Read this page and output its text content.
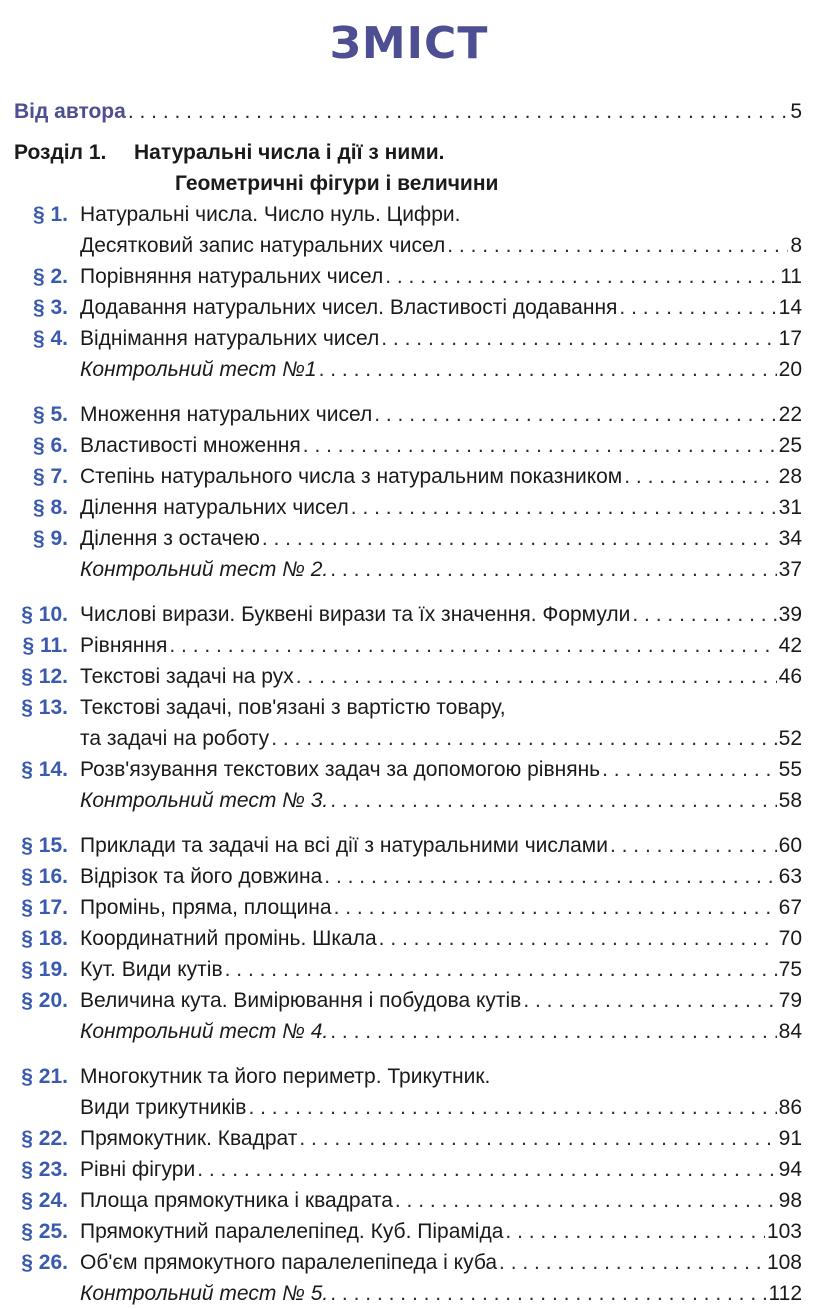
ЗМІСТ
Від автора . . .	5
Розділ 1. Натуральні числа і дії з ними.
Геометричні фігури і величини
§ 1. Натуральні числа. Число нуль. Цифри.
Десятковий запис натуральних чисел . . .	8
§ 2. Порівняння натуральних чисел . . .	11
§ 3. Додавання натуральних чисел. Властивості додавання . . .	14
§ 4. Віднімання натуральних чисел . . .	17
Контрольний тест №1 . . .	20
§ 5. Множення натуральних чисел . . .	22
§ 6. Властивості множення . . .	25
§ 7. Степінь натурального числа з натуральним показником . . .	28
§ 8. Ділення натуральних чисел . . .	31
§ 9. Ділення з остачею . . .	34
Контрольний тест № 2. . . .	37
§ 10. Числові вирази. Буквені вирази та їх значення. Формули . . .	39
§ 11. Рівняння . . .	42
§ 12. Текстові задачі на рух . . .	46
§ 13. Текстові задачі, пов'язані з вартістю товару,
та задачі на роботу . . .	52
§ 14. Розв'язування текстових задач за допомогою рівнянь . . .	55
Контрольний тест № 3. . . .	58
§ 15. Приклади та задачі на всі дії з натуральними числами . . .	60
§ 16. Відрізок та його довжина . . .	63
§ 17. Промінь, пряма, площина . . .	67
§ 18. Координатний промінь. Шкала . . .	70
§ 19. Кут. Види кутів . . .	75
§ 20. Величина кута. Вимірювання і побудова кутів . . .	79
Контрольний тест № 4. . . .	84
§ 21. Многокутник та його периметр. Трикутник.
Види трикутників . . .	86
§ 22. Прямокутник. Квадрат . . .	91
§ 23. Рівні фігури . . .	94
§ 24. Площа прямокутника і квадрата . . .	98
§ 25. Прямокутний паралелепіпед. Куб. Піраміда . . .	103
§ 26. Об'єм прямокутного паралелепіпеда і куба . . .	108
Контрольний тест № 5. . . .	112
